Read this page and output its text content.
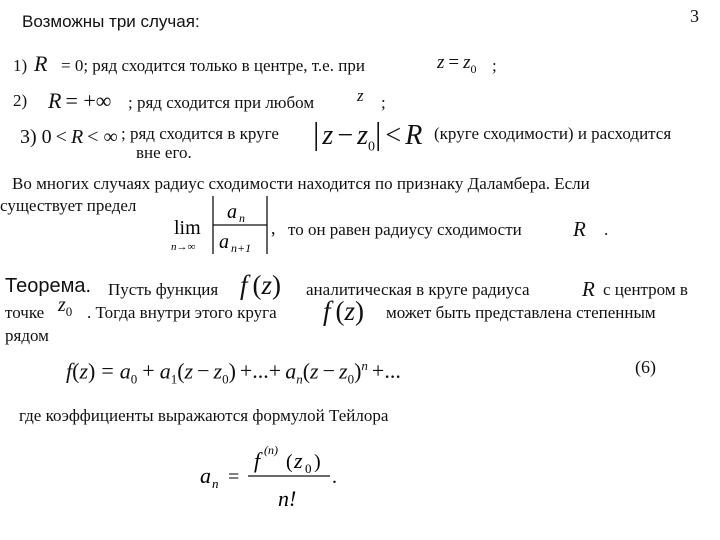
3
Возможны три случая:
1) R = 0; ряд сходится только в центре, т.е. при	$z = z_0$ ;
2) R = +∞ ; ряд сходится при любом	z ;
3) 0 < R < ∞ ; ряд сходится в круге | $z - z_0| < R$ (круге сходимости) и расходится
вне его.
Во многих случаях радиус сходимости находится по признаку Даламбера. Если
существует предел
lim
n→∞
a n
a n+1
, то он равен радиусу сходимости R .
Теорема. Пусть функция f (z) аналитическая в круге радиуса R с центром в
точке $z_0$ . Тогда внутри этого круга f (z) может быть представлена степенным
рядом
$f(z) = a_0 + a_1(z - z_0)$ +...+ $a_n(z - z_0)^n$ +...	(6)
где коэффициенты выражаются формулой Тейлора
a n =
f (n)
( z 0 )
n!
.
